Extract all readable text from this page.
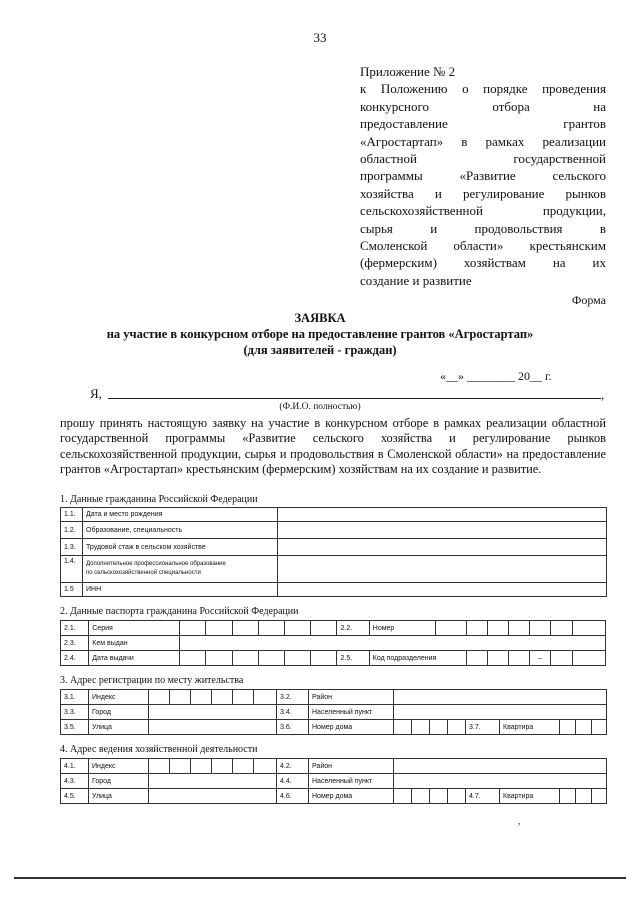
33
Приложение № 2
к Положению о порядке проведения
конкурсного отбора на
предоставление грантов
«Агростартап» в рамках реализации
областной государственной
программы «Развитие сельского
хозяйства и регулирование рынков
сельскохозяйственной продукции,
сырья и продовольствия в
Смоленской области» крестьянским
(фермерским) хозяйствам на их
создание и развитие
Форма
ЗАЯВКА
на участие в конкурсном отборе на предоставление грантов «Агростартап»
(для заявителей - граждан)
«__» ________ 20__ г.
Я,	,
(Ф.И.О. полностью)
прошу принять настоящую заявку на участие в конкурсном отборе в рамках реализации областной государственной программы «Развитие сельского хозяйства и регулирование рынков сельскохозяйственной продукции, сырья и продовольствия в Смоленской области» на предоставление грантов «Агростартап» крестьянским (фермерским) хозяйствам на их создание и развитие.
1. Данные гражданина Российской Федерации
1.1.	Дата и место рождения	
1.2.	Образование, специальность	
1.3.	Трудовой стаж в сельском хозяйстве	
1.4.	Дополнительное профессиональное образование
по сельскохозяйственной специальности	
1.5	ИНН	
2. Данные паспорта гражданина Российской Федерации
2.1.	Серия							2.2.	Номер							
2.3.	Кем выдан															
2.4.	Дата выдачи							2.5.	Код подразделения					–		
3. Адрес регистрации по месту жительства
3.1.	Индекс							3.2.	Район									
3.3.	Город							3.4.	Населенный пункт									
3.5.	Улица							3.6.	Номер дома					3.7.	Квартира			
4. Адрес ведения хозяйственной деятельности
4.1.	Индекс							4.2.	Район									
4.3.	Город							4.4.	Населенный пункт									
4.5.	Улица							4.6.	Номер дома					4.7.	Квартира			
,
